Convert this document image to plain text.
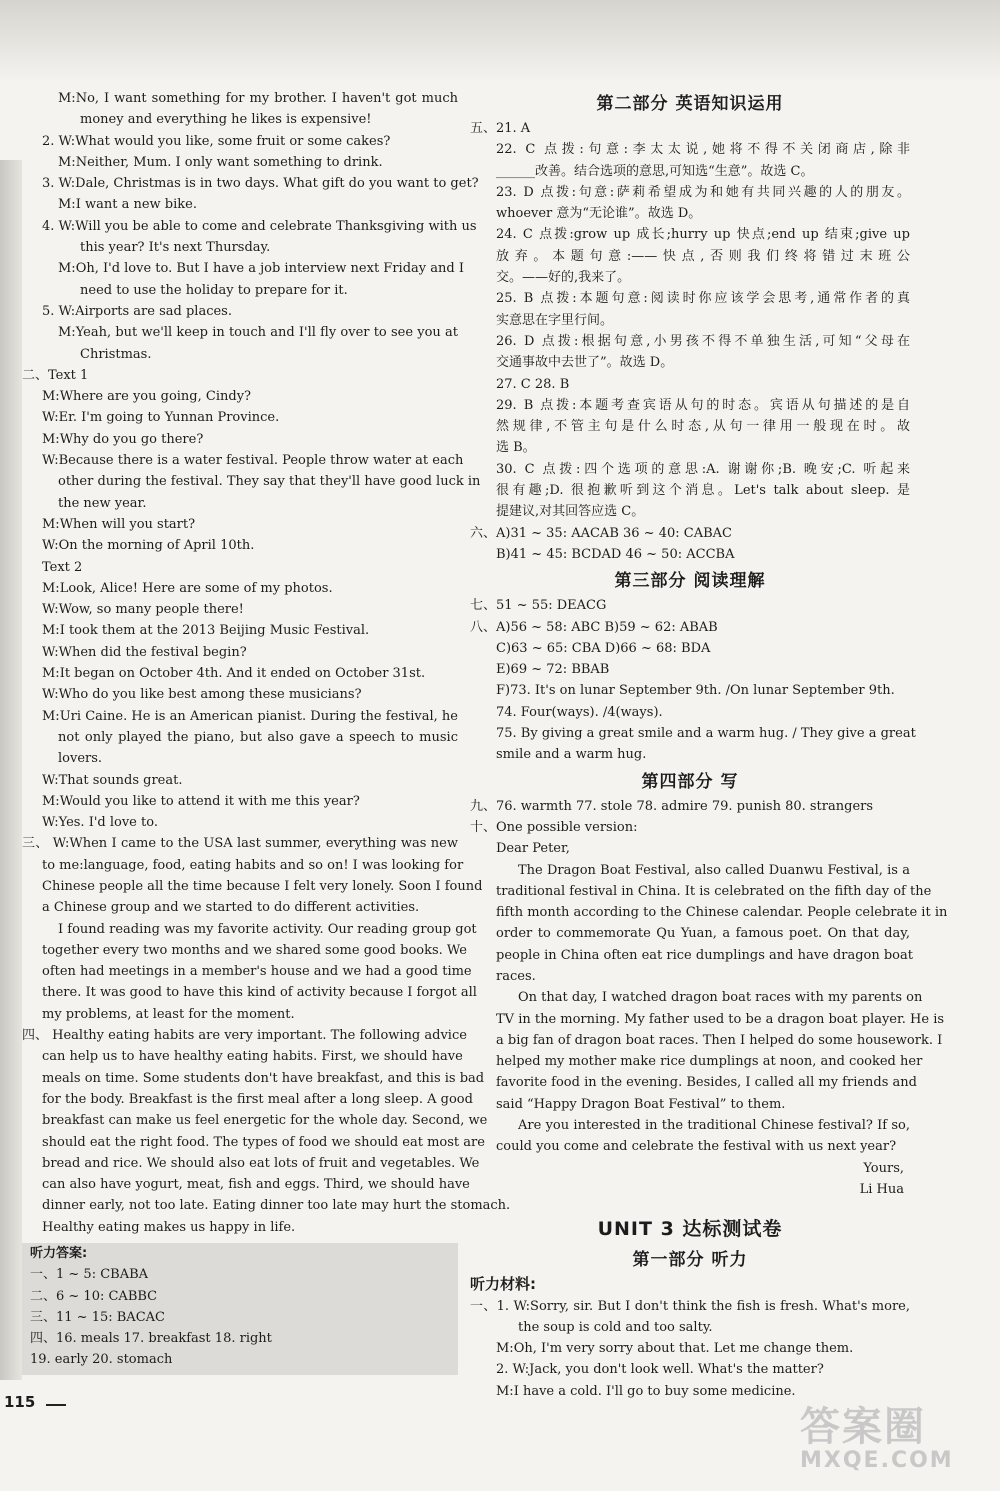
M:No, I want something for my brother. I haven't got much
money and everything he likes is expensive!
2. W:What would you like, some fruit or some cakes?
M:Neither, Mum. I only want something to drink.
3. W:Dale, Christmas is in two days. What gift do you want to get?
M:I want a new bike.
4. W:Will you be able to come and celebrate Thanksgiving with us
this year? It's next Thursday.
M:Oh, I'd love to. But I have a job interview next Friday and I
need to use the holiday to prepare for it.
5. W:Airports are sad places.
M:Yeah, but we'll keep in touch and I'll fly over to see you at
Christmas.
二、Text 1
M:Where are you going, Cindy?
W:Er. I'm going to Yunnan Province.
M:Why do you go there?
W:Because there is a water festival. People throw water at each
other during the festival. They say that they'll have good luck in
the new year.
M:When will you start?
W:On the morning of April 10th.
Text 2
M:Look, Alice! Here are some of my photos.
W:Wow, so many people there!
M:I took them at the 2013 Beijing Music Festival.
W:When did the festival begin?
M:It began on October 4th. And it ended on October 31st.
W:Who do you like best among these musicians?
M:Uri Caine. He is an American pianist. During the festival, he
not only played the piano, but also gave a speech to music
lovers.
W:That sounds great.
M:Would you like to attend it with me this year?
W:Yes. I'd love to.
三、 W:When I came to the USA last summer, everything was new
to me:language, food, eating habits and so on! I was looking for
Chinese people all the time because I felt very lonely. Soon I found
a Chinese group and we started to do different activities.
I found reading was my favorite activity. Our reading group got
together every two months and we shared some good books. We
often had meetings in a member's house and we had a good time
there. It was good to have this kind of activity because I forgot all
my problems, at least for the moment.
四、 Healthy eating habits are very important. The following advice
can help us to have healthy eating habits. First, we should have
meals on time. Some students don't have breakfast, and this is bad
for the body. Breakfast is the first meal after a long sleep. A good
breakfast can make us feel energetic for the whole day. Second, we
should eat the right food. The types of food we should eat most are
bread and rice. We should also eat lots of fruit and vegetables. We
can also have yogurt, meat, fish and eggs. Third, we should have
dinner early, not too late. Eating dinner too late may hurt the stomach.
Healthy eating makes us happy in life.
听力答案:
一、1 ~ 5: CBABA
二、6 ~ 10: CABBC
三、11 ~ 15: BACAC
四、16. meals 17. breakfast 18. right
19. early 20. stomach
115
第二部分 英语知识运用
五、21. A
22. C 点拨:句意:李太太说,她将不得不关闭商店,除非
______改善。结合选项的意思,可知选“生意”。故选 C。
23. D 点拨:句意:萨莉希望成为和她有共同兴趣的人的朋友。
whoever 意为“无论谁”。故选 D。
24. C 点拨:grow up 成长;hurry up 快点;end up 结束;give up
放弃。本题句意:——快点,否则我们终将错过末班公
交。——好的,我来了。
25. B 点拨:本题句意:阅读时你应该学会思考,通常作者的真
实意思在字里行间。
26. D 点拨:根据句意,小男孩不得不单独生活,可知“父母在
交通事故中去世了”。故选 D。
27. C 28. B
29. B 点拨:本题考查宾语从句的时态。宾语从句描述的是自
然规律,不管主句是什么时态,从句一律用一般现在时。故
选 B。
30. C 点拨:四个选项的意思:A. 谢谢你;B. 晚安;C. 听起来
很有趣;D. 很抱歉听到这个消息。Let's talk about sleep. 是
提建议,对其回答应选 C。
六、A)31 ~ 35: AACAB 36 ~ 40: CABAC
B)41 ~ 45: BCDAD 46 ~ 50: ACCBA
第三部分 阅读理解
七、51 ~ 55: DEACG
八、A)56 ~ 58: ABC B)59 ~ 62: ABAB
C)63 ~ 65: CBA D)66 ~ 68: BDA
E)69 ~ 72: BBAB
F)73. It's on lunar September 9th. /On lunar September 9th.
74. Four(ways). /4(ways).
75. By giving a great smile and a warm hug. / They give a great
smile and a warm hug.
第四部分 写
九、76. warmth 77. stole 78. admire 79. punish 80. strangers
十、One possible version:
Dear Peter,
The Dragon Boat Festival, also called Duanwu Festival, is a
traditional festival in China. It is celebrated on the fifth day of the
fifth month according to the Chinese calendar. People celebrate it in
order to commemorate Qu Yuan, a famous poet. On that day,
people in China often eat rice dumplings and have dragon boat
races.
On that day, I watched dragon boat races with my parents on
TV in the morning. My father used to be a dragon boat player. He is
a big fan of dragon boat races. Then I helped do some housework. I
helped my mother make rice dumplings at noon, and cooked her
favorite food in the evening. Besides, I called all my friends and
said “Happy Dragon Boat Festival” to them.
Are you interested in the traditional Chinese festival? If so,
could you come and celebrate the festival with us next year?
Yours,
Li Hua
UNIT 3 达标测试卷
第一部分 听力
听力材料:
一、1. W:Sorry, sir. But I don't think the fish is fresh. What's more,
the soup is cold and too salty.
M:Oh, I'm very sorry about that. Let me change them.
2. W:Jack, you don't look well. What's the matter?
M:I have a cold. I'll go to buy some medicine.
答案圈
MXQE.COM
